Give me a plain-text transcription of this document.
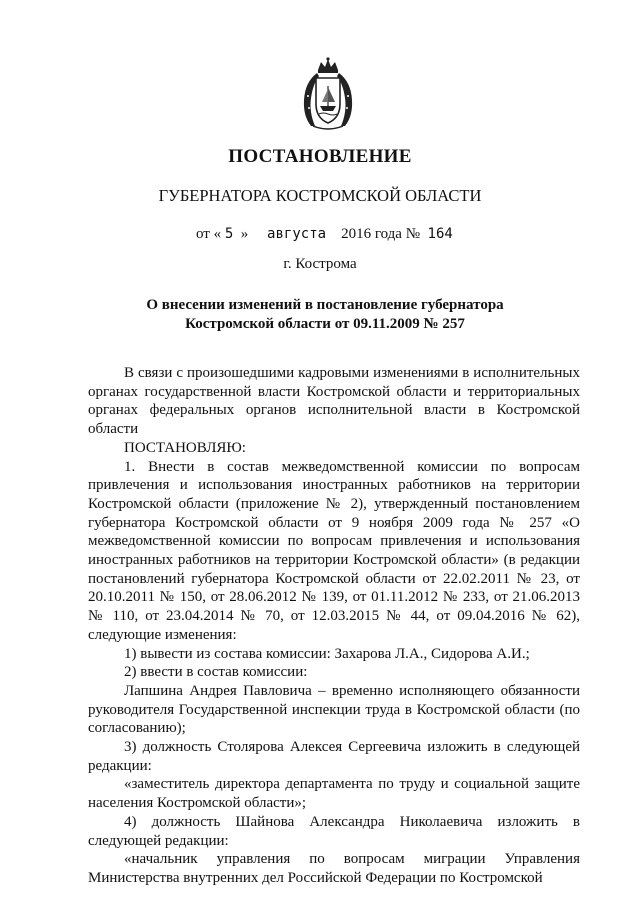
ПОСТАНОВЛЕНИЕ
ГУБЕРНАТОРА КОСТРОМСКОЙ ОБЛАСТИ
от « 5 » августа 2016 года № 164
г. Кострома
О внесении изменений в постановление губернатора
Костромской области от 09.11.2009 № 257

В связи с произошедшими кадровыми изменениями в исполнительных органах государственной власти Костромской области и территориальных органах федеральных органов исполнительной власти в Костромской области

ПОСТАНОВЛЯЮ:

1. Внести в состав межведомственной комиссии по вопросам привлечения и использования иностранных работников на территории Костромской области (приложение № 2), утвержденный постановлением губернатора Костромской области от 9 ноября 2009 года № 257 «О межведомственной комиссии по вопросам привлечения и использования иностранных работников на территории Костромской области» (в редакции постановлений губернатора Костромской области от 22.02.2011 № 23, от 20.10.2011 № 150, от 28.06.2012 № 139, от 01.11.2012 № 233, от 21.06.2013 № 110, от 23.04.2014 № 70, от 12.03.2015 № 44, от 09.04.2016 № 62), следующие изменения:

1) вывести из состава комиссии: Захарова Л.А., Сидорова А.И.;

2) ввести в состав комиссии:

Лапшина Андрея Павловича – временно исполняющего обязанности руководителя Государственной инспекции труда в Костромской области (по согласованию);

3) должность Столярова Алексея Сергеевича изложить в следующей редакции:

«заместитель директора департамента по труду и социальной защите населения Костромской области»;

4) должность Шайнова Александра Николаевича изложить в следующей редакции:

«начальник управления по вопросам миграции Управления Министерства внутренних дел Российской Федерации по Костромской
